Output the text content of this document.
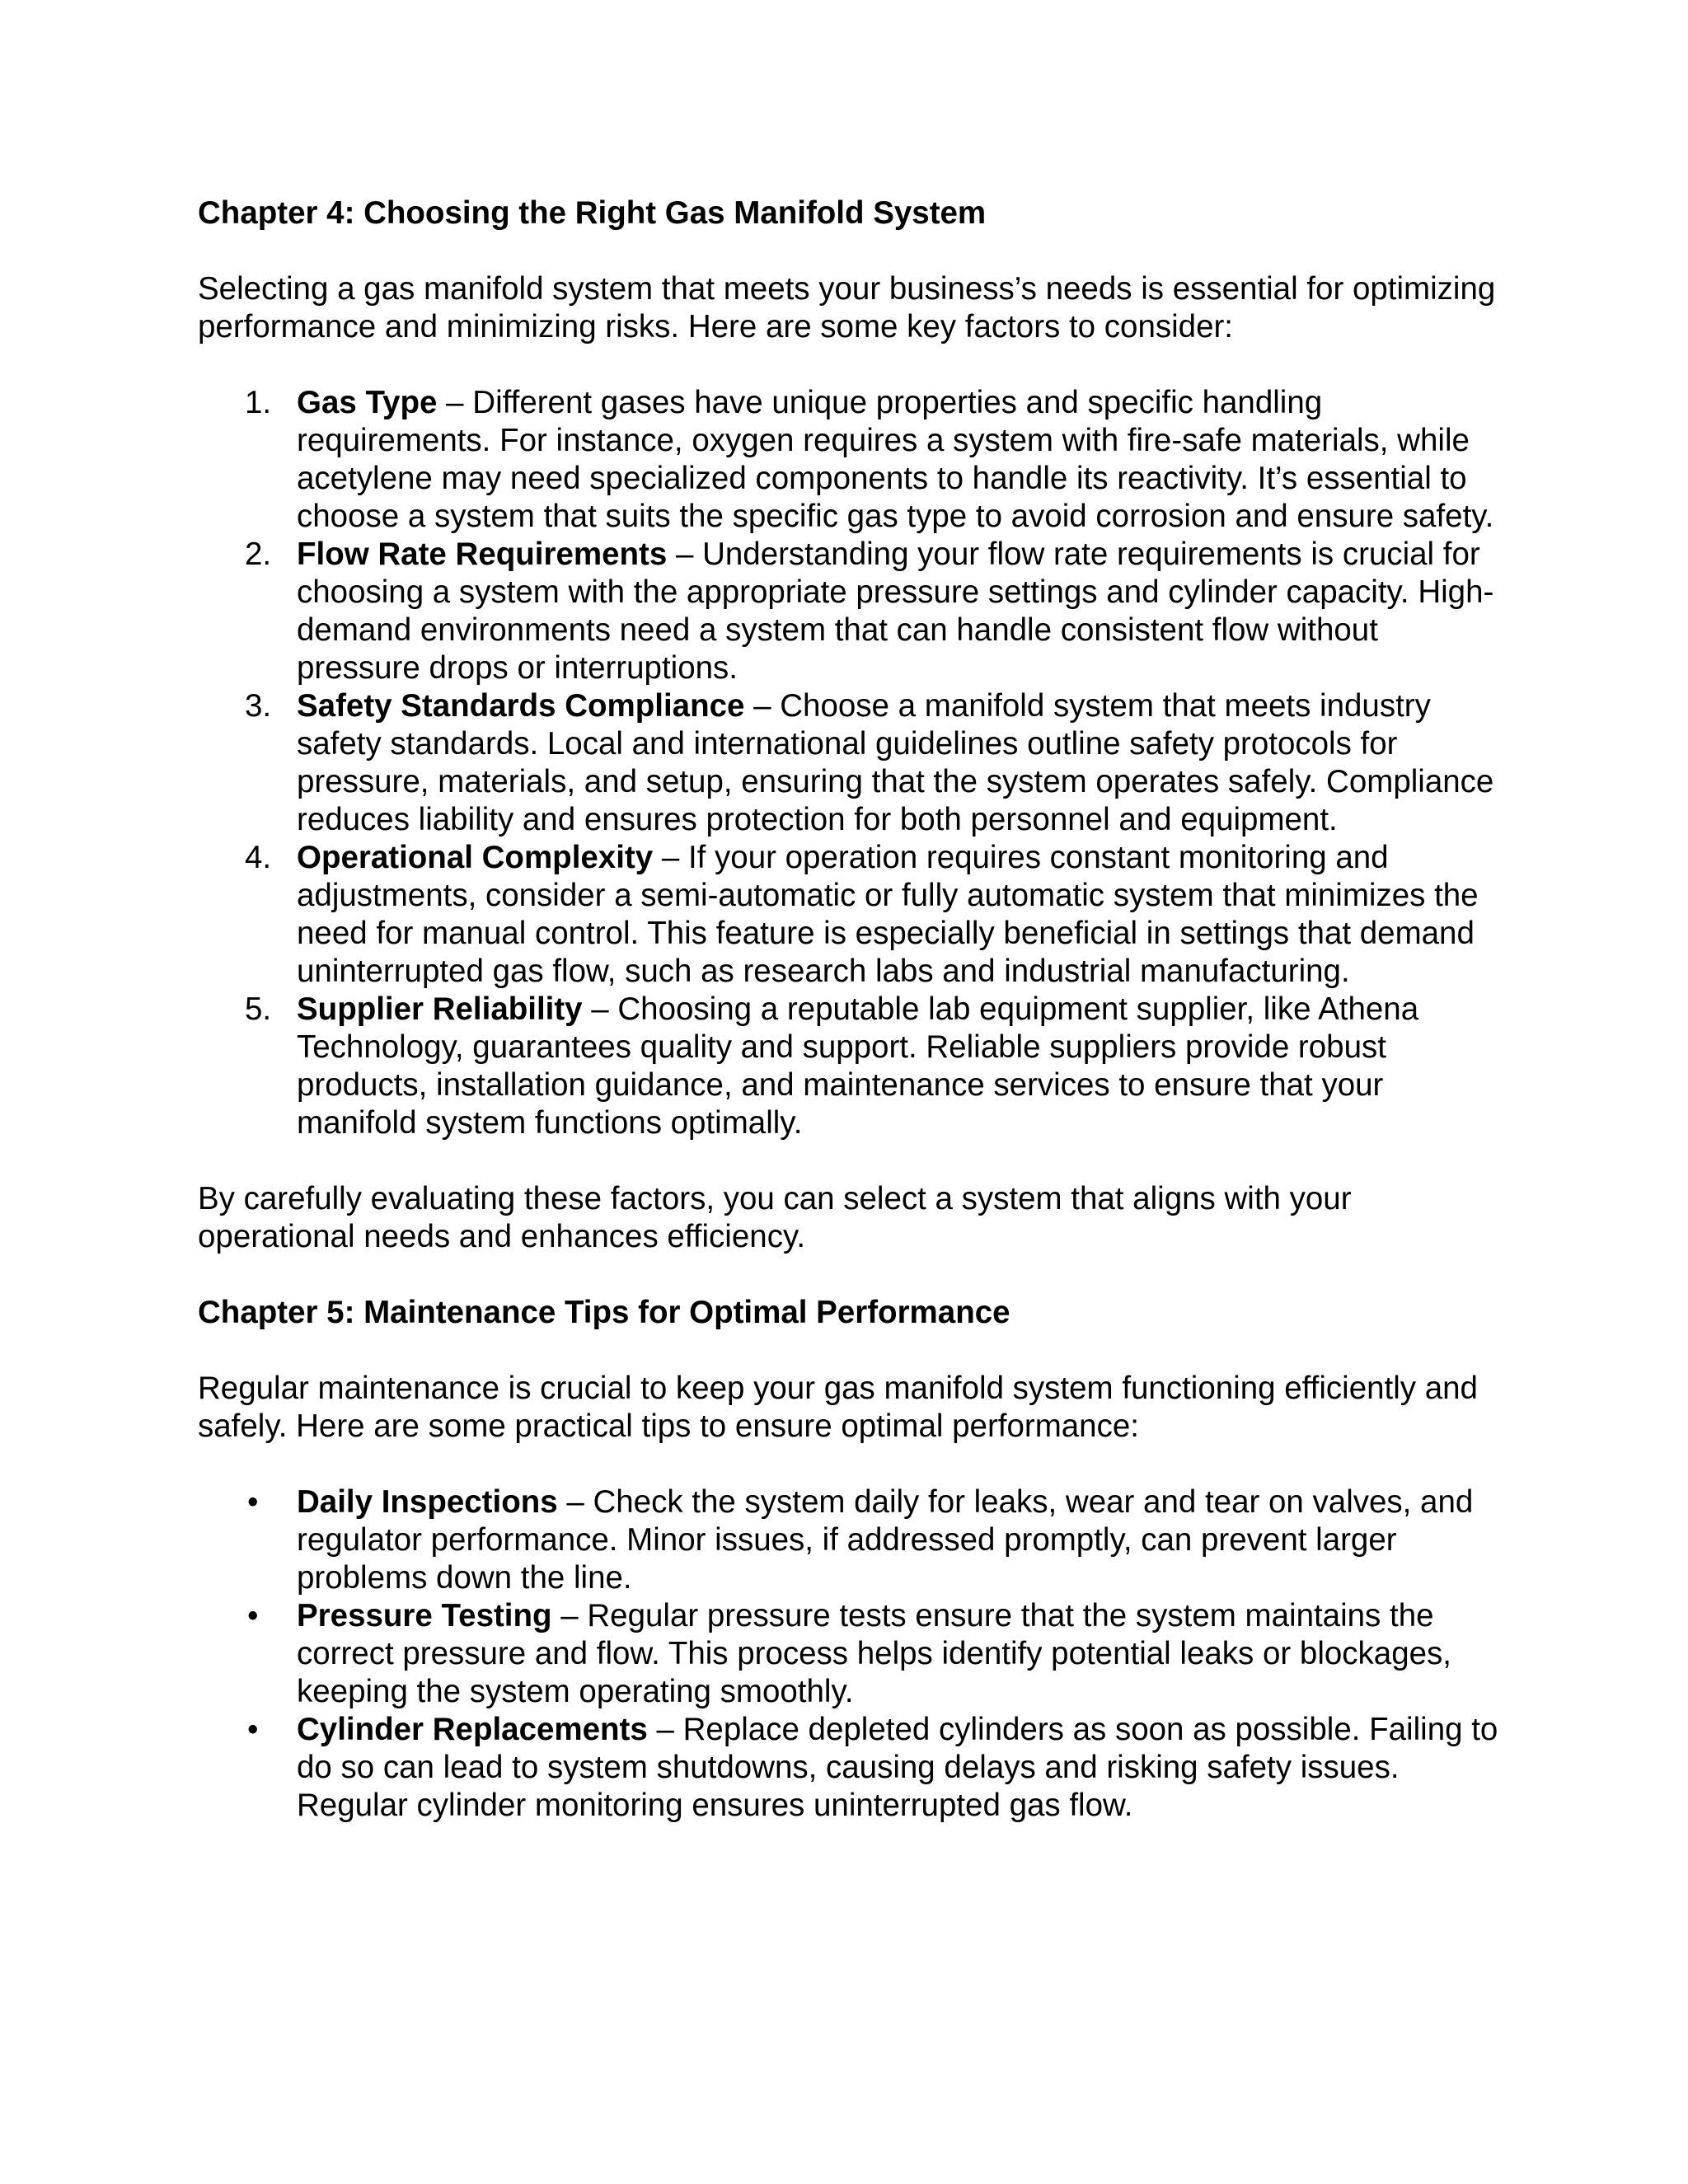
Chapter 4: Choosing the Right Gas Manifold System

Selecting a gas manifold system that meets your business’s needs is essential for optimizing performance and minimizing risks. Here are some key factors to consider:

1. Gas Type – Different gases have unique properties and specific handling requirements. For instance, oxygen requires a system with fire-safe materials, while acetylene may need specialized components to handle its reactivity. It’s essential to choose a system that suits the specific gas type to avoid corrosion and ensure safety.
2. Flow Rate Requirements – Understanding your flow rate requirements is crucial for choosing a system with the appropriate pressure settings and cylinder capacity. High-demand environments need a system that can handle consistent flow without pressure drops or interruptions.
3. Safety Standards Compliance – Choose a manifold system that meets industry safety standards. Local and international guidelines outline safety protocols for pressure, materials, and setup, ensuring that the system operates safely. Compliance reduces liability and ensures protection for both personnel and equipment.
4. Operational Complexity – If your operation requires constant monitoring and adjustments, consider a semi-automatic or fully automatic system that minimizes the need for manual control. This feature is especially beneficial in settings that demand uninterrupted gas flow, such as research labs and industrial manufacturing.
5. Supplier Reliability – Choosing a reputable lab equipment supplier, like Athena Technology, guarantees quality and support. Reliable suppliers provide robust products, installation guidance, and maintenance services to ensure that your manifold system functions optimally.

By carefully evaluating these factors, you can select a system that aligns with your operational needs and enhances efficiency.

Chapter 5: Maintenance Tips for Optimal Performance

Regular maintenance is crucial to keep your gas manifold system functioning efficiently and safely. Here are some practical tips to ensure optimal performance:

•	Daily Inspections – Check the system daily for leaks, wear and tear on valves, and regulator performance. Minor issues, if addressed promptly, can prevent larger problems down the line.
•	Pressure Testing – Regular pressure tests ensure that the system maintains the correct pressure and flow. This process helps identify potential leaks or blockages, keeping the system operating smoothly.
•	Cylinder Replacements – Replace depleted cylinders as soon as possible. Failing to do so can lead to system shutdowns, causing delays and risking safety issues. Regular cylinder monitoring ensures uninterrupted gas flow.
